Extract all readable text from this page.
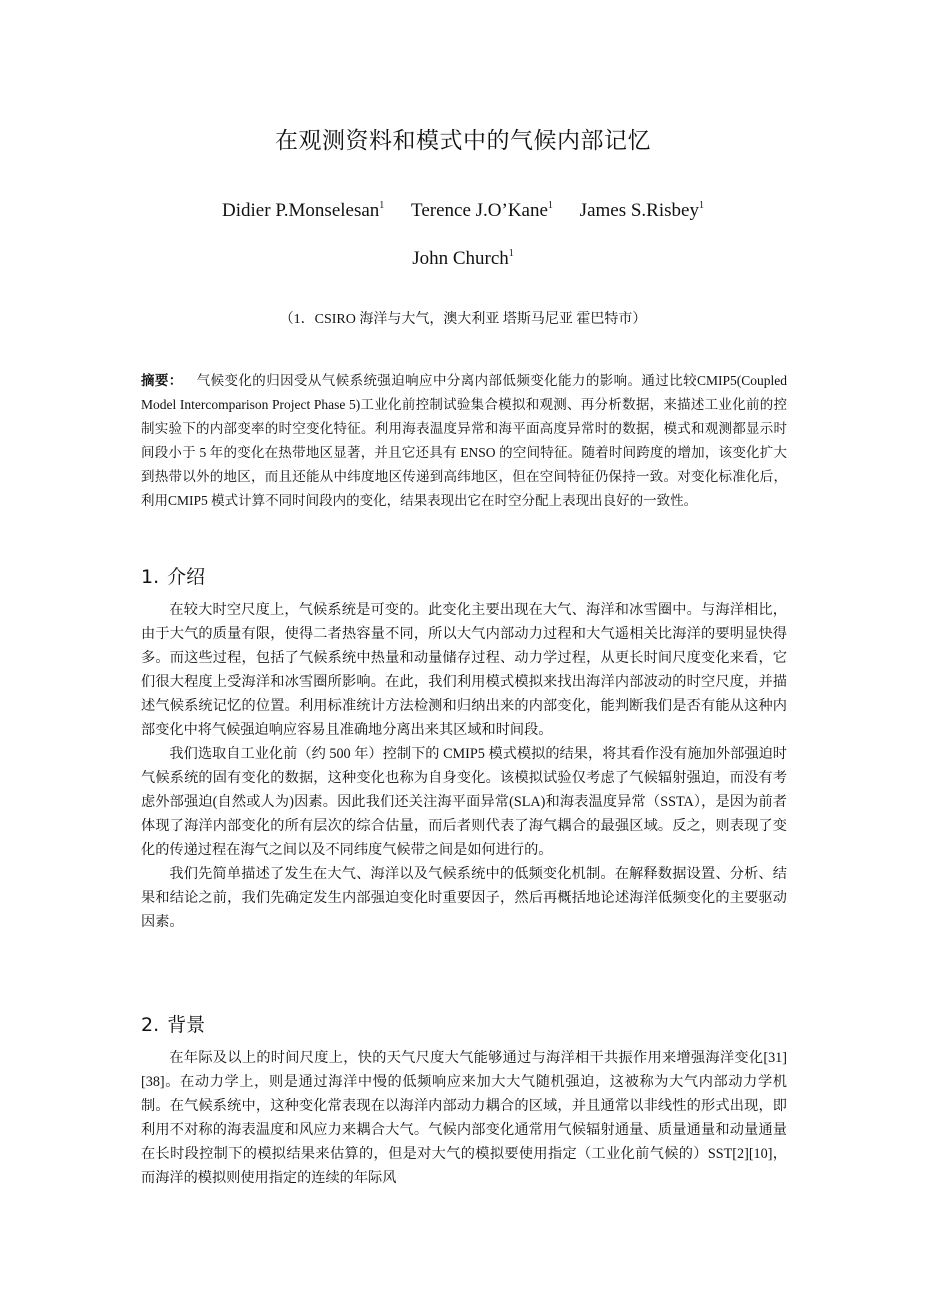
在观测资料和模式中的气候内部记忆
Didier P.Monselesan$^1$ Terence J.O’Kane$^1$ James S.Risbey$^1$
John Church$^1$
（1．CSIRO 海洋与大气，澳大利亚 塔斯马尼亚 霍巴特市）
摘要： 气候变化的归因受从气候系统强迫响应中分离内部低频变化能力的影响。通过比较CMIP5(Coupled Model Intercomparison Project Phase 5)工业化前控制试验集合模拟和观测、再分析数据，来描述工业化前的控制实验下的内部变率的时空变化特征。利用海表温度异常和海平面高度异常时的数据，模式和观测都显示时间段小于 5 年的变化在热带地区显著，并且它还具有 ENSO 的空间特征。随着时间跨度的增加，该变化扩大到热带以外的地区，而且还能从中纬度地区传递到高纬地区，但在空间特征仍保持一致。对变化标准化后，利用CMIP5 模式计算不同时间段内的变化，结果表现出它在时空分配上表现出良好的一致性。
1. 介绍

在较大时空尺度上，气候系统是可变的。此变化主要出现在大气、海洋和冰雪圈中。与海洋相比，由于大气的质量有限，使得二者热容量不同，所以大气内部动力过程和大气遥相关比海洋的要明显快得多。而这些过程，包括了气候系统中热量和动量储存过程、动力学过程，从更长时间尺度变化来看，它们很大程度上受海洋和冰雪圈所影响。在此，我们利用模式模拟来找出海洋内部波动的时空尺度，并描述气候系统记忆的位置。利用标准统计方法检测和归纳出来的内部变化，能判断我们是否有能从这种内部变化中将气候强迫响应容易且准确地分离出来其区域和时间段。

我们选取自工业化前（约 500 年）控制下的 CMIP5 模式模拟的结果，将其看作没有施加外部强迫时气候系统的固有变化的数据，这种变化也称为自身变化。该模拟试验仅考虑了气候辐射强迫，而没有考虑外部强迫(自然或人为)因素。因此我们还关注海平面异常(SLA)和海表温度异常（SSTA），是因为前者体现了海洋内部变化的所有层次的综合估量，而后者则代表了海气耦合的最强区域。反之，则表现了变化的传递过程在海气之间以及不同纬度气候带之间是如何进行的。

我们先简单描述了发生在大气、海洋以及气候系统中的低频变化机制。在解释数据设置、分析、结果和结论之前，我们先确定发生内部强迫变化时重要因子，然后再概括地论述海洋低频变化的主要驱动因素。

2. 背景

在年际及以上的时间尺度上，快的天气尺度大气能够通过与海洋相干共振作用来增强海洋变化[31][38]。在动力学上，则是通过海洋中慢的低频响应来加大大气随机强迫，这被称为大气内部动力学机制。在气候系统中，这种变化常表现在以海洋内部动力耦合的区域，并且通常以非线性的形式出现，即利用不对称的海表温度和风应力来耦合大气。气候内部变化通常用气候辐射通量、质量通量和动量通量在长时段控制下的模拟结果来估算的，但是对大气的模拟要使用指定（工业化前气候的）SST[2][10]，而海洋的模拟则使用指定的连续的年际风
